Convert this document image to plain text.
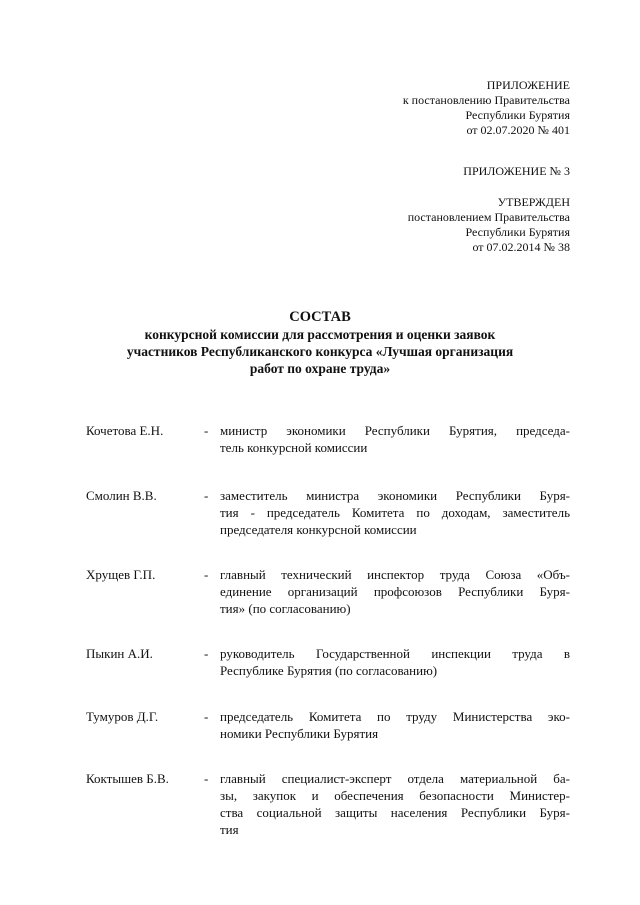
ПРИЛОЖЕНИЕ
к постановлению Правительства
Республики Бурятия
от 02.07.2020 № 401
ПРИЛОЖЕНИЕ № 3
УТВЕРЖДЕН
постановлением Правительства
Республики Бурятия
от 07.02.2014 № 38
СОСТАВ
конкурсной комиссии для рассмотрения и оценки заявок
участников Республиканского конкурса «Лучшая организация
работ по охране труда»
Кочетова Е.Н.	- министр экономики Республики Бурятия, председа-
тель конкурсной комиссии
Смолин В.В.	- заместитель министра экономики Республики Буря-
тия - председатель Комитета по доходам, заместитель
председателя конкурсной комиссии
Хрущев Г.П.	- главный технический инспектор труда Союза «Объ-
единение организаций профсоюзов Республики Буря-
тия» (по согласованию)
Пыкин А.И.	- руководитель Государственной инспекции труда в
Республике Бурятия (по согласованию)
Тумуров Д.Г.	- председатель Комитета по труду Министерства эко-
номики Республики Бурятия
Коктышев Б.В.	- главный специалист-эксперт отдела материальной ба-
зы, закупок и обеспечения безопасности Министер-
ства социальной защиты населения Республики Буря-
тия
